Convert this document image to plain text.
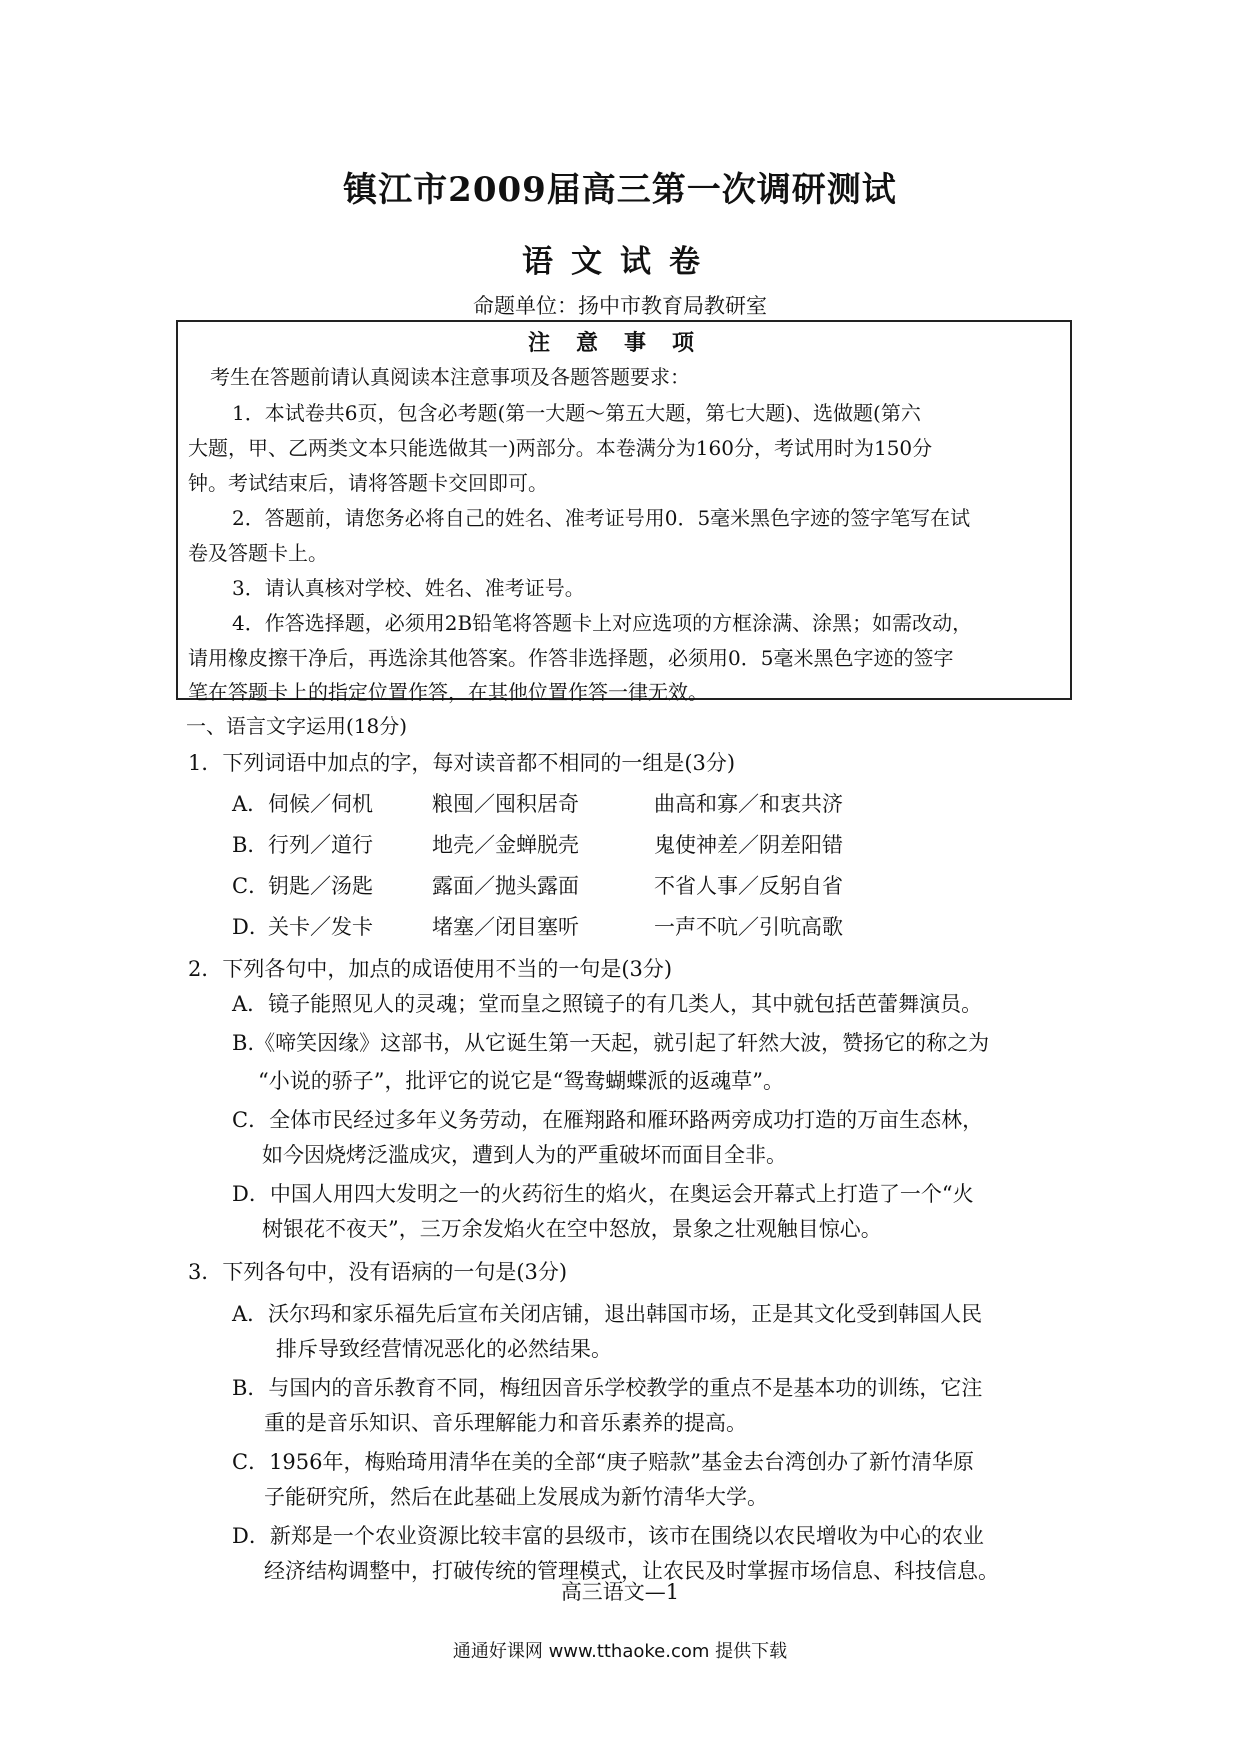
镇江市2009届高三第一次调研测试
语文试卷
命题单位：扬中市教育局教研室
注意事项
考生在答题前请认真阅读本注意事项及各题答题要求：
1．本试卷共6页，包含必考题(第一大题～第五大题，第七大题)、选做题(第六
大题，甲、乙两类文本只能选做其一)两部分。本卷满分为160分，考试用时为150分
钟。考试结束后，请将答题卡交回即可。
2．答题前，请您务必将自己的姓名、准考证号用0．5毫米黑色字迹的签字笔写在试
卷及答题卡上。
3．请认真核对学校、姓名、准考证号。
4．作答选择题，必须用2B铅笔将答题卡上对应选项的方框涂满、涂黑；如需改动，
请用橡皮擦干净后，再选涂其他答案。作答非选择题，必须用0．5毫米黑色字迹的签字
笔在答题卡上的指定位置作答，在其他位置作答一律无效。
一、语言文字运用(18分)
1．下列词语中加点的字，每对读音都不相同的一组是(3分)
A． 伺候／伺机	粮囤／囤积居奇	曲高和寡／和衷共济
B． 行列／道行	地壳／金蝉脱壳	鬼使神差／阴差阳错
C．
钥匙／汤匙	露面／抛头露面	不省人事／反躬自省
D．
关卡／发卡	堵塞／闭目塞听	一声不吭／引吭高歌
2．下列各句中，加点的成语使用不当的一句是(3分)
A．镜子能照见人的灵魂；堂而皇之照镜子的有几类人，其中就包括芭蕾舞演员。
B.《啼笑因缘》这部书，从它诞生第一天起，就引起了轩然大波，赞扬它的称之为
“小说的骄子”，批评它的说它是“鸳鸯蝴蝶派的返魂草”。
C．全体市民经过多年义务劳动，在雁翔路和雁环路两旁成功打造的万亩生态林，
如今因烧烤泛滥成灾，遭到人为的严重破坏而面目全非。
D．中国人用四大发明之一的火药衍生的焰火，在奥运会开幕式上打造了一个“火
树银花不夜天”，三万余发焰火在空中怒放，景象之壮观触目惊心。
3．下列各句中，没有语病的一句是(3分)
A．沃尔玛和家乐福先后宣布关闭店铺，退出韩国市场，正是其文化受到韩国人民
排斥导致经营情况恶化的必然结果。
B．与国内的音乐教育不同，梅纽因音乐学校教学的重点不是基本功的训练，它注
重的是音乐知识、音乐理解能力和音乐素养的提高。
C．1956年，梅贻琦用清华在美的全部“庚子赔款”基金去台湾创办了新竹清华原
子能研究所，然后在此基础上发展成为新竹清华大学。
D．新郑是一个农业资源比较丰富的县级市，该市在围绕以农民增收为中心的农业
经济结构调整中，打破传统的管理模式，让农民及时掌握市场信息、科技信息。
高三语文—1
通通好课网 www.tthaoke.com 提供下载
